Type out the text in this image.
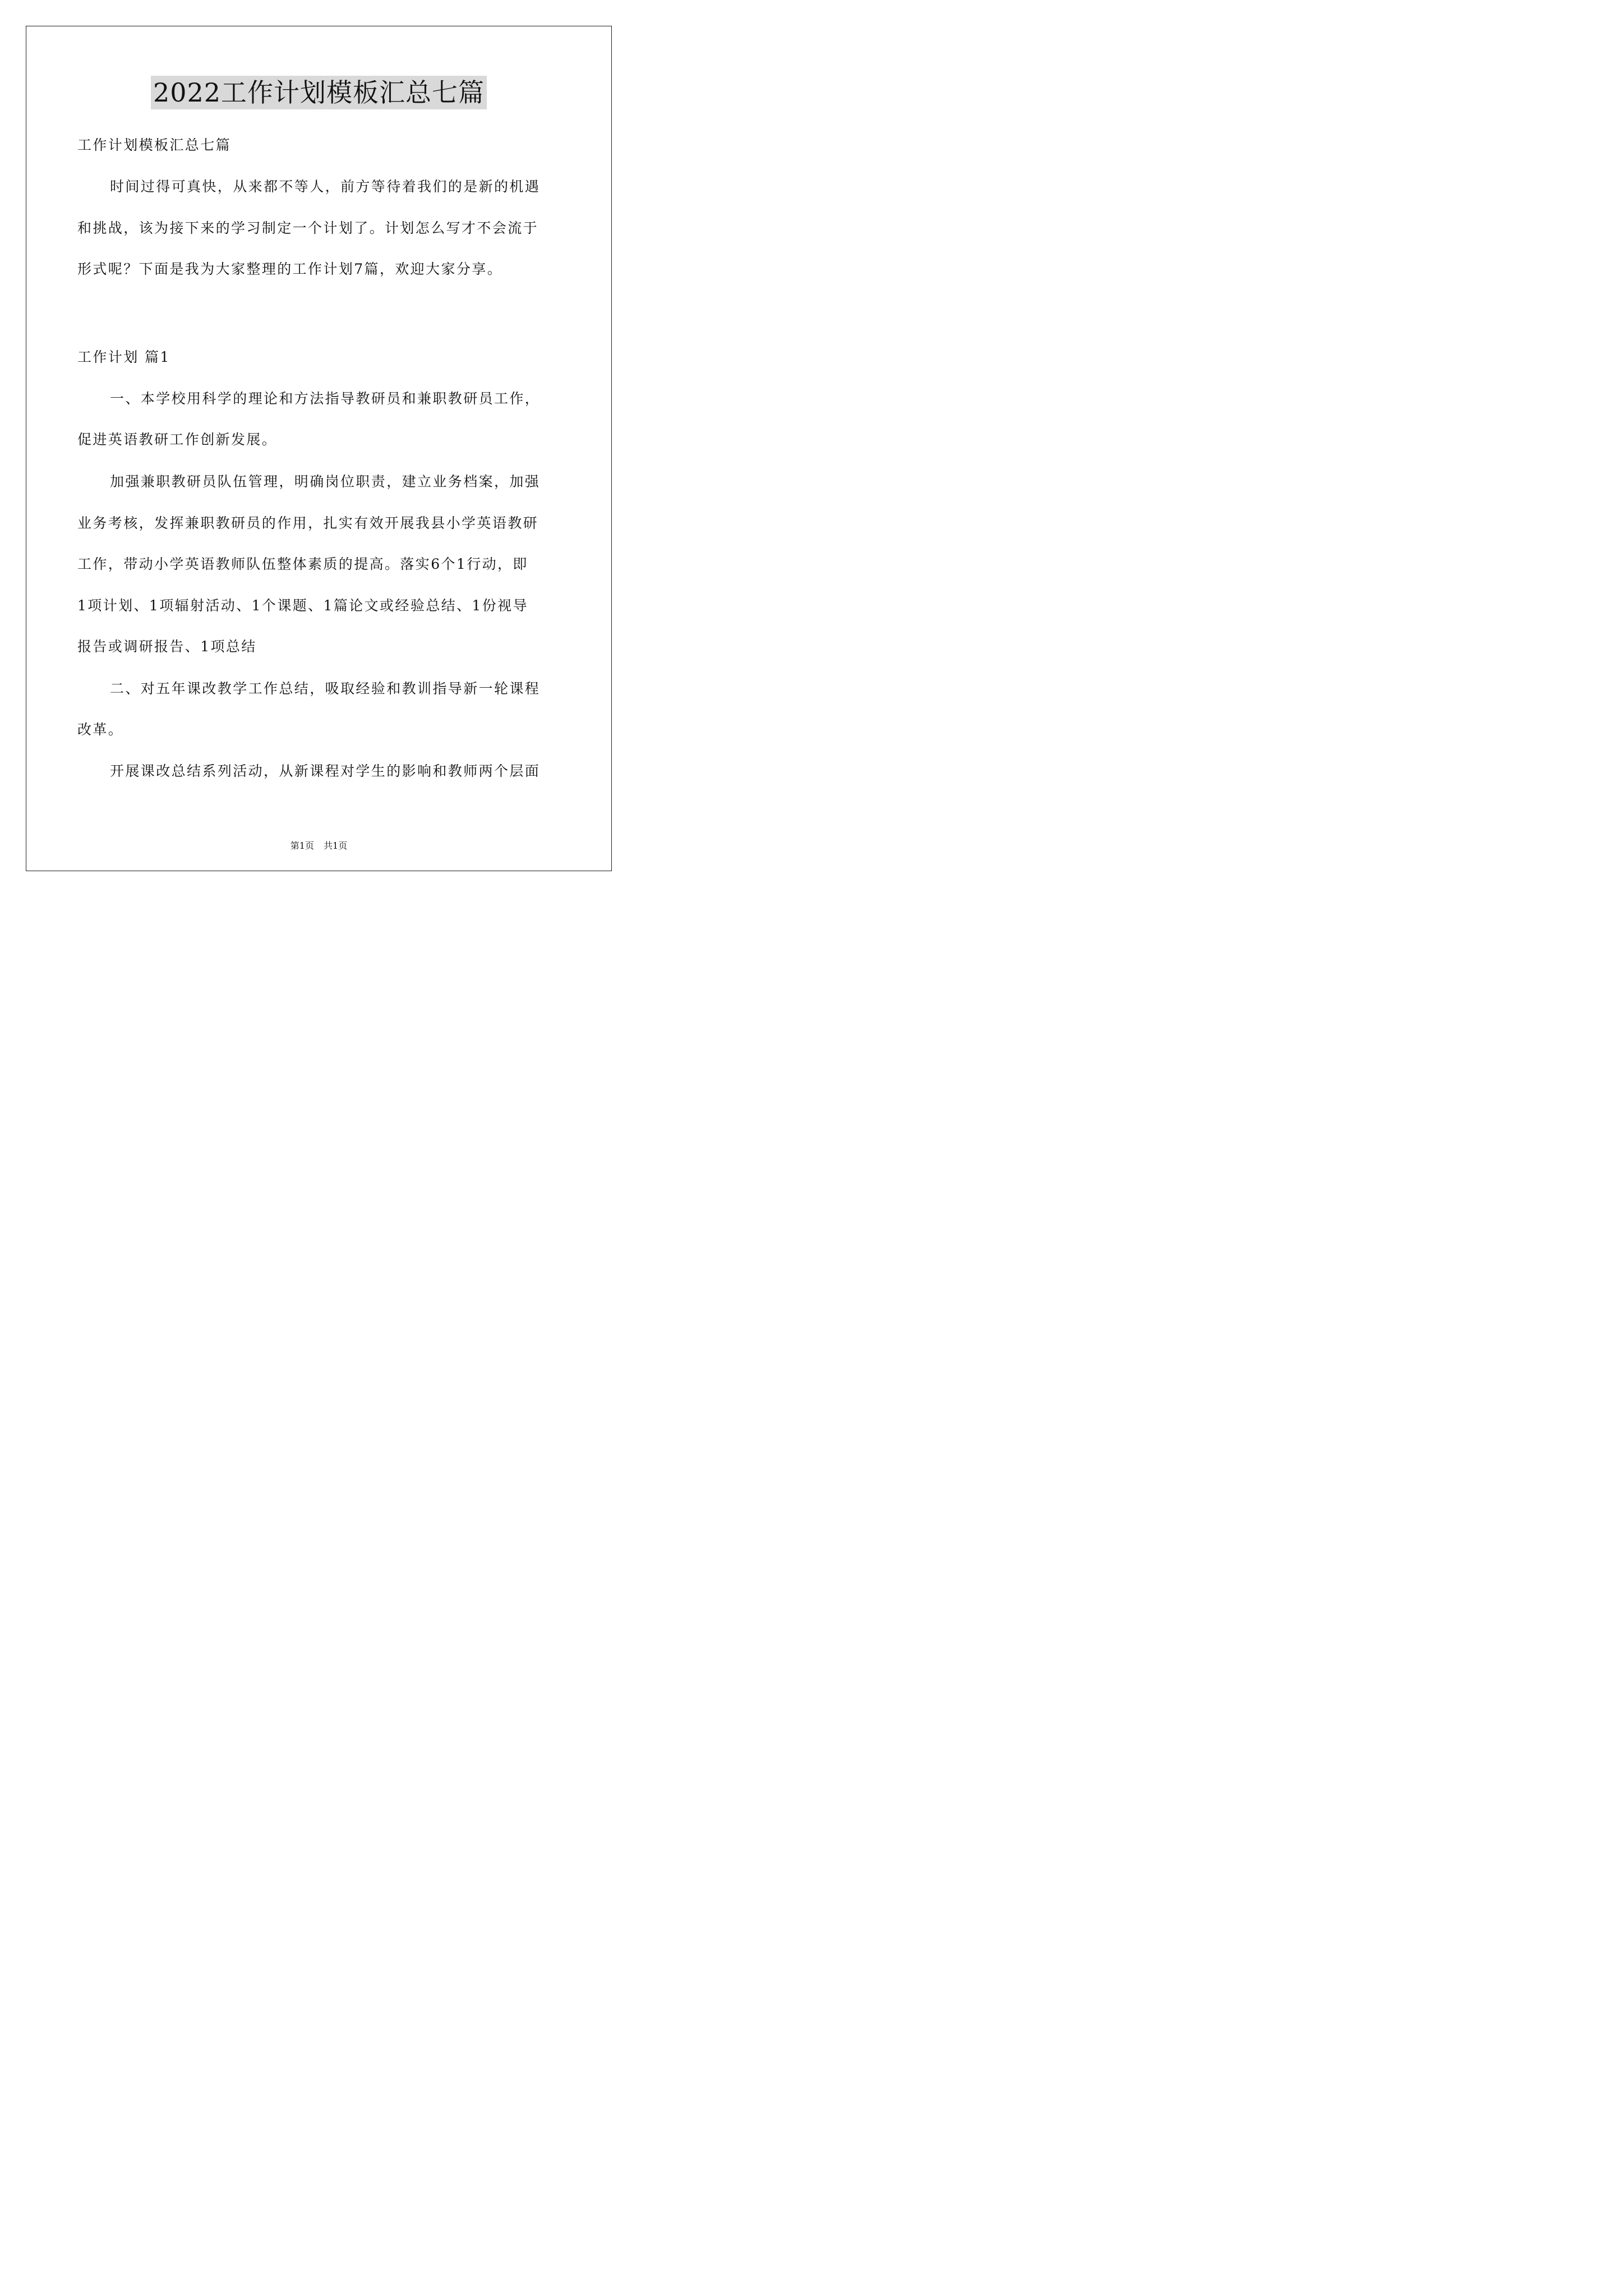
2022工作计划模板汇总七篇
工作计划模板汇总七篇
时间过得可真快，从来都不等人，前方等待着我们的是新的机遇
和挑战，该为接下来的学习制定一个计划了。计划怎么写才不会流于
形式呢？下面是我为大家整理的工作计划7篇，欢迎大家分享。
工作计划 篇1
一、本学校用科学的理论和方法指导教研员和兼职教研员工作，
促进英语教研工作创新发展。
加强兼职教研员队伍管理，明确岗位职责，建立业务档案，加强
业务考核，发挥兼职教研员的作用，扎实有效开展我县小学英语教研
工作，带动小学英语教师队伍整体素质的提高。落实6个1行动，即
1项计划、1项辐射活动、1个课题、1篇论文或经验总结、1份视导
报告或调研报告、1项总结
二、对五年课改教学工作总结，吸取经验和教训指导新一轮课程
改革。
开展课改总结系列活动，从新课程对学生的影响和教师两个层面
第1页 共1页
